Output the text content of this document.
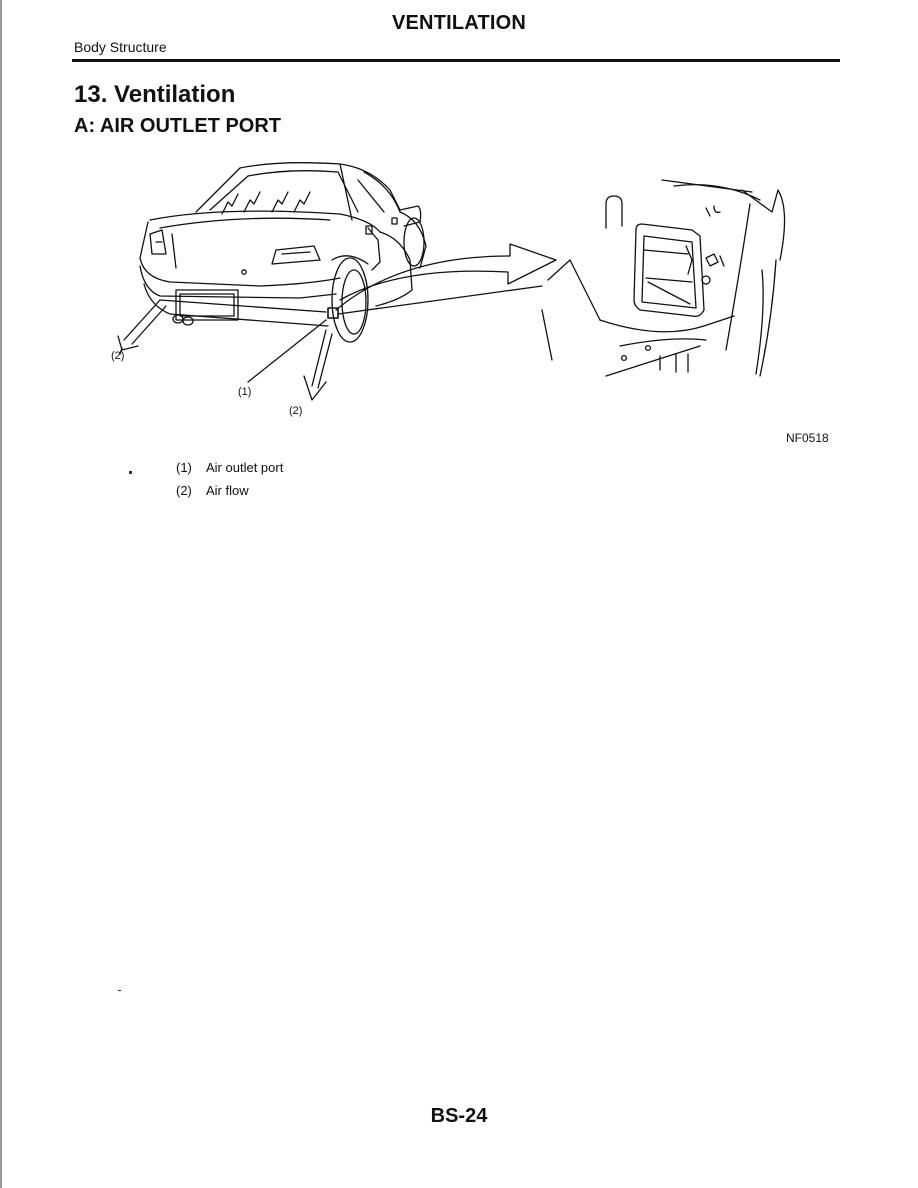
VENTILATION
Body Structure
13. Ventilation
A: AIR OUTLET PORT
(2)
(1)
(2)
NF0518
(1)	Air outlet port
(2)	Air flow
BS-24
